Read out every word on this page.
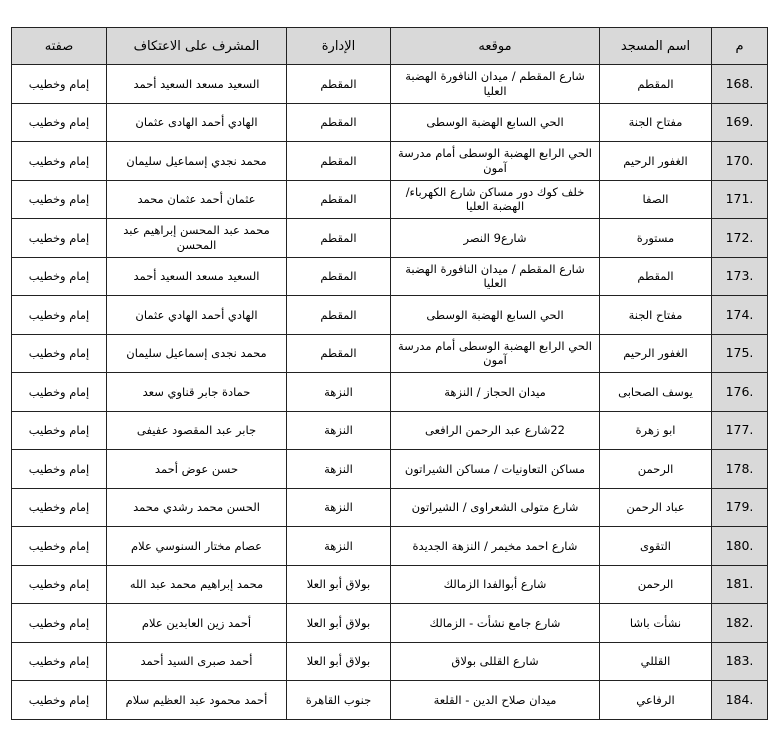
م	اسم المسجد	موقعه	الإدارة	المشرف على الاعتكاف	صفته
168.	المقطم	شارع المقطم / ميدان النافورة الهضبة العليا	المقطم	السعيد مسعد السعيد أحمد	إمام وخطيب
169.	مفتاح الجنة	الحي السابع الهضبة الوسطى	المقطم	الهادي أحمد الهادى عثمان	إمام وخطيب
170.	الغفور الرحيم	الحي الرابع الهضبة الوسطى أمام مدرسة آمون	المقطم	محمد نجدي إسماعيل سليمان	إمام وخطيب
171.	الصفا	خلف كوك دور مساكن شارع الكهرباء/الهضبة العليا	المقطم	عثمان أحمد عثمان محمد	إمام وخطيب
172.	مستورة	شارع9 النصر	المقطم	محمد عبد المحسن إبراهيم عبد المحسن	إمام وخطيب
173.	المقطم	شارع المقطم / ميدان النافورة الهضبة العليا	المقطم	السعيد مسعد السعيد أحمد	إمام وخطيب
174.	مفتاح الجنة	الحي السابع الهضبة الوسطى	المقطم	الهادي أحمد الهادي عثمان	إمام وخطيب
175.	الغفور الرحيم	الحي الرابع الهضبة الوسطى أمام مدرسة آمون	المقطم	محمد نجدى إسماعيل سليمان	إمام وخطيب
176.	يوسف الصحابى	ميدان الحجاز / النزهة	النزهة	حمادة جابر قناوي سعد	إمام وخطيب
177.	ابو زهرة	22شارع عبد الرحمن الرافعى	النزهة	جابر عبد المقصود عفيفى	إمام وخطيب
178.	الرحمن	مساكن التعاونيات / مساكن الشيراتون	النزهة	حسن عوض أحمد	إمام وخطيب
179.	عباد الرحمن	شارع متولى الشعراوى / الشيراتون	النزهة	الحسن محمد رشدي محمد	إمام وخطيب
180.	التقوى	شارع احمد مخيمر / النزهة الجديدة	النزهة	عصام مختار السنوسي علام	إمام وخطيب
181.	الرحمن	شارع أبوالفدا الزمالك	بولاق أبو العلا	محمد إبراهيم محمد عبد الله	إمام وخطيب
182.	نشأت باشا	شارع جامع نشأت - الزمالك	بولاق أبو العلا	أحمد زين العابدين علام	إمام وخطيب
183.	القللي	شارع القللى بولاق	بولاق أبو العلا	أحمد صبرى السيد أحمد	إمام وخطيب
184.	الرفاعي	ميدان صلاح الدين - القلعة	جنوب القاهرة	أحمد محمود عبد العظيم سلام	إمام وخطيب
